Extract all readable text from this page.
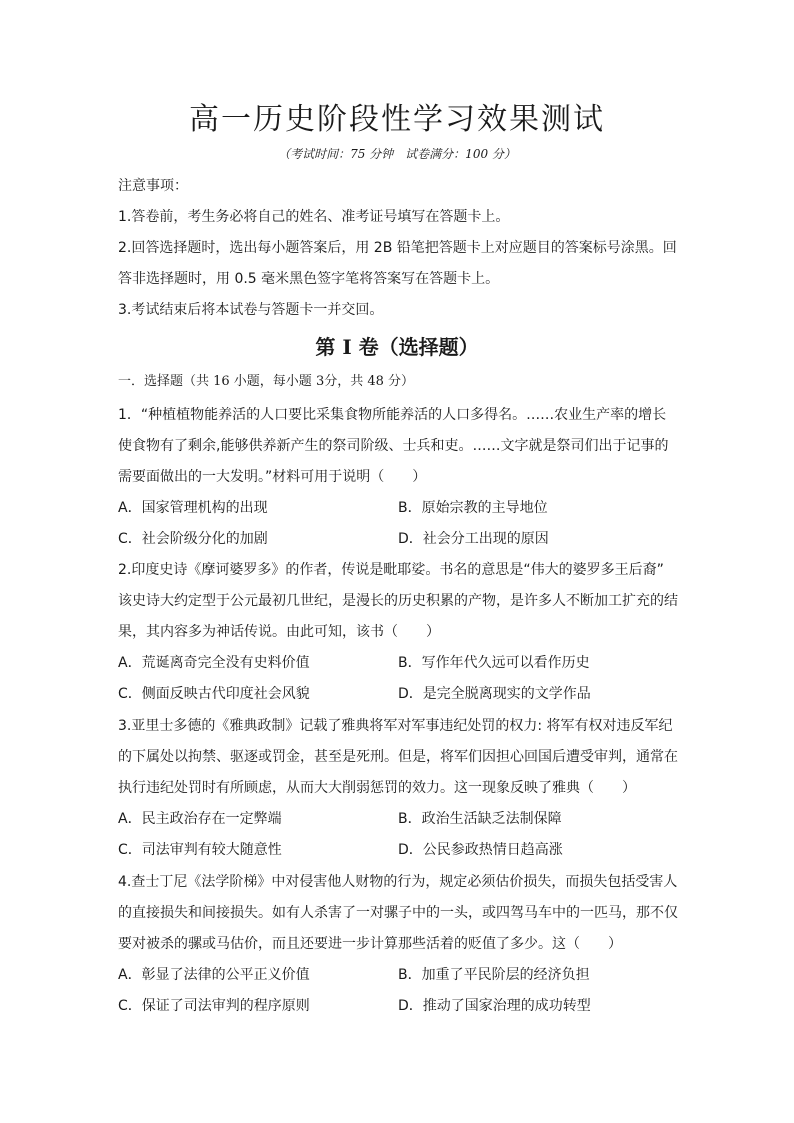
高一历史阶段性学习效果测试
（考试时间：75 分钟　试卷满分：100 分）
注意事项：
1.答卷前，考生务必将自己的姓名、准考证号填写在答题卡上。
2.回答选择题时，选出每小题答案后，用 2B 铅笔把答题卡上对应题目的答案标号涂黑。回
答非选择题时，用 0.5 毫米黑色签字笔将答案写在答题卡上。
3.考试结束后将本试卷与答题卡一并交回。
第 I 卷（选择题）
一．选择题（共 16 小题，每小题 3分，共 48 分）
1．“种植植物能养活的人口要比采集食物所能养活的人口多得名。……农业生产率的增长
使食物有了剩余,能够供养新产生的祭司阶级、士兵和吏。……文字就是祭司们出于记事的
需要面做出的一大发明。”材料可用于说明（　　）
A．国家管理机构的出现	B．原始宗教的主导地位
C．社会阶级分化的加剧	D．社会分工出现的原因
2.印度史诗《摩诃婆罗多》的作者，传说是毗耶娑。书名的意思是“伟大的婆罗多王后裔”
该史诗大约定型于公元最初几世纪，是漫长的历史积累的产物，是许多人不断加工扩充的结
果，其内容多为神话传说。由此可知，该书（　　）
A．荒诞离奇完全没有史料价值	B．写作年代久远可以看作历史
C．侧面反映古代印度社会风貌	D．是完全脱离现实的文学作品
3.亚里士多德的《雅典政制》记载了雅典将军对军事违纪处罚的权力: 将军有权对违反军纪
的下属处以拘禁、驱逐或罚金，甚至是死刑。但是，将军们因担心回国后遭受审判，通常在
执行违纪处罚时有所顾虑，从而大大削弱惩罚的效力。这一现象反映了雅典（　　）
A．民主政治存在一定弊端	B．政治生活缺乏法制保障
C．司法审判有较大随意性	D．公民参政热情日趋高涨
4.查士丁尼《法学阶梯》中对侵害他人财物的行为，规定必须估价损失，而损失包括受害人
的直接损失和间接损失。如有人杀害了一对骡子中的一头，或四驾马车中的一匹马，那不仅
要对被杀的骡或马估价，而且还要进一步计算那些活着的贬值了多少。这（　　）
A．彰显了法律的公平正义价值	B．加重了平民阶层的经济负担
C．保证了司法审判的程序原则	D．推动了国家治理的成功转型
